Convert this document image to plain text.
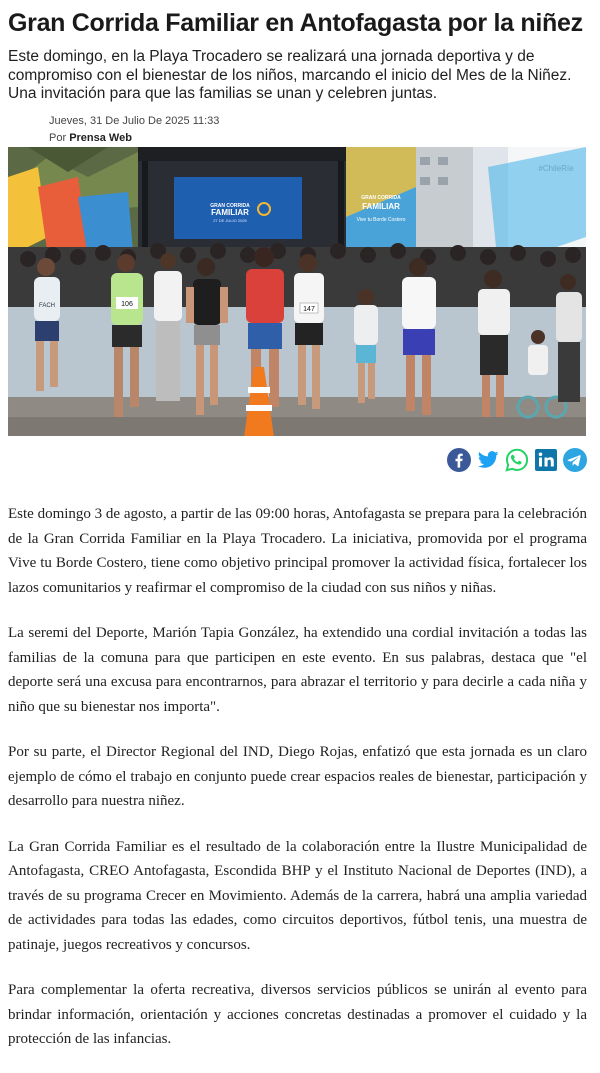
Gran Corrida Familiar en Antofagasta por la niñez

Este domingo, en la Playa Trocadero se realizará una jornada deportiva y de compromiso con el bienestar de los niños, marcando el inicio del Mes de la Niñez. Una invitación para que las familias se unan y celebren juntas.

Jueves, 31 De Julio De 2025 11:33
Por Prensa Web
GRAN CORRIDA
FAMILIAR
27 DE JULIO 2025
GRAN CORRIDA
FAMILIAR
Vive tu Borde Costero
#ChileRíe
FACH	106
147

Este domingo 3 de agosto, a partir de las 09:00 horas, Antofagasta se prepara para la celebración de la Gran Corrida Familiar en la Playa Trocadero. La iniciativa, promovida por el programa Vive tu Borde Costero, tiene como objetivo principal promover la actividad física, fortalecer los lazos comunitarios y reafirmar el compromiso de la ciudad con sus niños y niñas.

La seremi del Deporte, Marión Tapia González, ha extendido una cordial invitación a todas las familias de la comuna para que participen en este evento. En sus palabras, destaca que "el deporte será una excusa para encontrarnos, para abrazar el territorio y para decirle a cada niña y niño que su bienestar nos importa".

Por su parte, el Director Regional del IND, Diego Rojas, enfatizó que esta jornada es un claro ejemplo de cómo el trabajo en conjunto puede crear espacios reales de bienestar, participación y desarrollo para nuestra niñez.

La Gran Corrida Familiar es el resultado de la colaboración entre la Ilustre Municipalidad de Antofagasta, CREO Antofagasta, Escondida BHP y el Instituto Nacional de Deportes (IND), a través de su programa Crecer en Movimiento. Además de la carrera, habrá una amplia variedad de actividades para todas las edades, como circuitos deportivos, fútbol tenis, una muestra de patinaje, juegos recreativos y concursos.

Para complementar la oferta recreativa, diversos servicios públicos se unirán al evento para brindar información, orientación y acciones concretas destinadas a promover el cuidado y la protección de las infancias.
